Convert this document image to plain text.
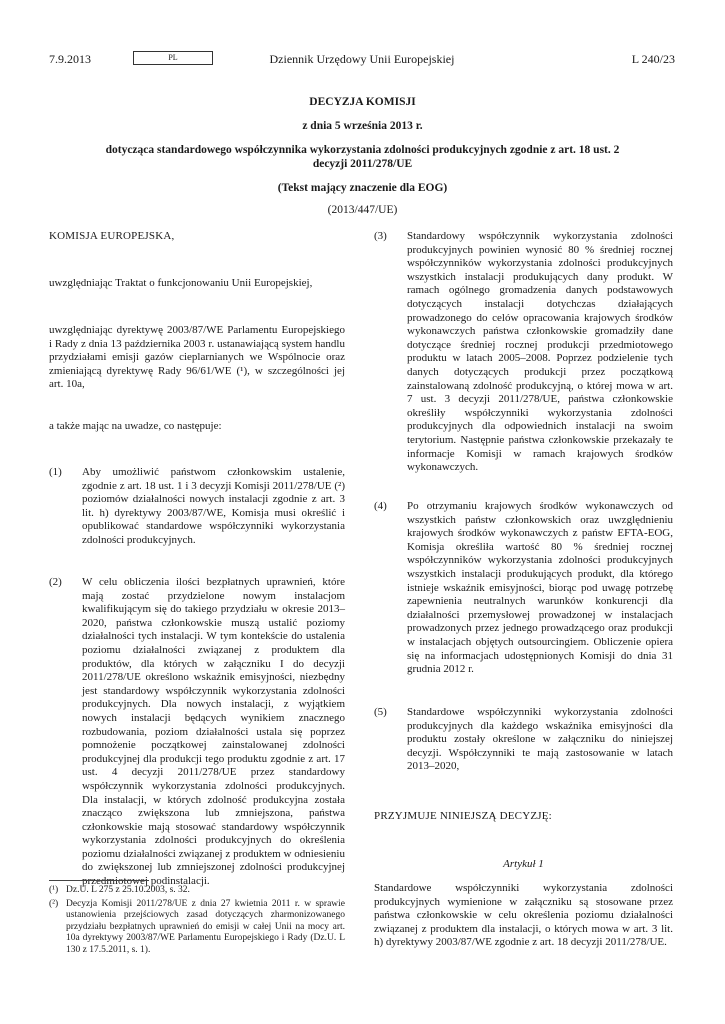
7.9.2013	PL	Dziennik Urzędowy Unii Europejskiej	L 240/23
DECYZJA KOMISJI
z dnia 5 września 2013 r.
dotycząca standardowego współczynnika wykorzystania zdolności produkcyjnych zgodnie z art. 18 ust. 2 decyzji 2011/278/UE
(Tekst mający znaczenie dla EOG)
(2013/447/UE)
KOMISJA EUROPEJSKA,
uwzględniając Traktat o funkcjonowaniu Unii Europejskiej,
uwzględniając dyrektywę 2003/87/WE Parlamentu Europejskiego i Rady z dnia 13 października 2003 r. ustanawiającą system handlu przydziałami emisji gazów cieplarnianych we Wspólnocie oraz zmieniającą dyrektywę Rady 96/61/WE (¹), w szczególności jej art. 10a,
a także mając na uwadze, co następuje:
(1) Aby umożliwić państwom członkowskim ustalenie, zgodnie z art. 18 ust. 1 i 3 decyzji Komisji 2011/278/UE (²) poziomów działalności nowych instalacji zgodnie z art. 3 lit. h) dyrektywy 2003/87/WE, Komisja musi określić i opublikować standardowe współczynniki wykorzystania zdolności produkcyjnych.
(2) W celu obliczenia ilości bezpłatnych uprawnień, które mają zostać przydzielone nowym instalacjom kwalifikującym się do takiego przydziału w okresie 2013–2020, państwa członkowskie muszą ustalić poziomy działalności tych instalacji. W tym kontekście do ustalenia poziomu działalności związanej z produktem dla produktów, dla których w załączniku I do decyzji 2011/278/UE określono wskaźnik emisyjności, niezbędny jest standardowy współczynnik wykorzystania zdolności produkcyjnych. Dla nowych instalacji, z wyjątkiem nowych instalacji będących wynikiem znacznego rozbudowania, poziom działalności ustala się poprzez pomnożenie początkowej zainstalowanej zdolności produkcyjnej dla produkcji tego produktu zgodnie z art. 17 ust. 4 decyzji 2011/278/UE przez standardowy współczynnik wykorzystania zdolności produkcyjnych. Dla instalacji, w których zdolność produkcyjna została znacząco zwiększona lub zmniejszona, państwa członkowskie mają stosować standardowy współczynnik wykorzystania zdolności produkcyjnych do określenia poziomu działalności związanej z produktem w odniesieniu do zwiększonej lub zmniejszonej zdolności produkcyjnej przedmiotowej podinstalacji.
(¹) Dz.U. L 275 z 25.10.2003, s. 32.
(²) Decyzja Komisji 2011/278/UE z dnia 27 kwietnia 2011 r. w sprawie ustanowienia przejściowych zasad dotyczących zharmonizowanego przydziału bezpłatnych uprawnień do emisji w całej Unii na mocy art. 10a dyrektywy 2003/87/WE Parlamentu Europejskiego i Rady (Dz.U. L 130 z 17.5.2011, s. 1).
(3) Standardowy współczynnik wykorzystania zdolności produkcyjnych powinien wynosić 80 % średniej rocznej współczynników wykorzystania zdolności produkcyjnych wszystkich instalacji produkujących dany produkt. W ramach ogólnego gromadzenia danych podstawowych dotyczących instalacji dotychczas działających prowadzonego do celów opracowania krajowych środków wykonawczych państwa członkowskie gromadziły dane dotyczące średniej rocznej produkcji przedmiotowego produktu w latach 2005–2008. Poprzez podzielenie tych danych dotyczących produkcji przez początkową zainstalowaną zdolność produkcyjną, o której mowa w art. 7 ust. 3 decyzji 2011/278/UE, państwa członkowskie określiły współczynniki wykorzystania zdolności produkcyjnych dla odpowiednich instalacji na swoim terytorium. Następnie państwa członkowskie przekazały te informacje Komisji w ramach krajowych środków wykonawczych.
(4) Po otrzymaniu krajowych środków wykonawczych od wszystkich państw członkowskich oraz uwzględnieniu krajowych środków wykonawczych z państw EFTA-EOG, Komisja określiła wartość 80 % średniej rocznej współczynników wykorzystania zdolności produkcyjnych wszystkich instalacji produkujących produkt, dla którego istnieje wskaźnik emisyjności, biorąc pod uwagę potrzebę zapewnienia neutralnych warunków konkurencji dla działalności przemysłowej prowadzonej w instalacjach prowadzonych przez jednego prowadzącego oraz produkcji w instalacjach objętych outsourcingiem. Obliczenie opiera się na informacjach udostępnionych Komisji do dnia 31 grudnia 2012 r.
(5) Standardowe współczynniki wykorzystania zdolności produkcyjnych dla każdego wskaźnika emisyjności dla produktu zostały określone w załączniku do niniejszej decyzji. Współczynniki te mają zastosowanie w latach 2013–2020,
PRZYJMUJE NINIEJSZĄ DECYZJĘ:
Artykuł 1
Standardowe współczynniki wykorzystania zdolności produkcyjnych wymienione w załączniku są stosowane przez państwa członkowskie w celu określenia poziomu działalności związanej z produktem dla instalacji, o których mowa w art. 3 lit. h) dyrektywy 2003/87/WE zgodnie z art. 18 decyzji 2011/278/UE.
